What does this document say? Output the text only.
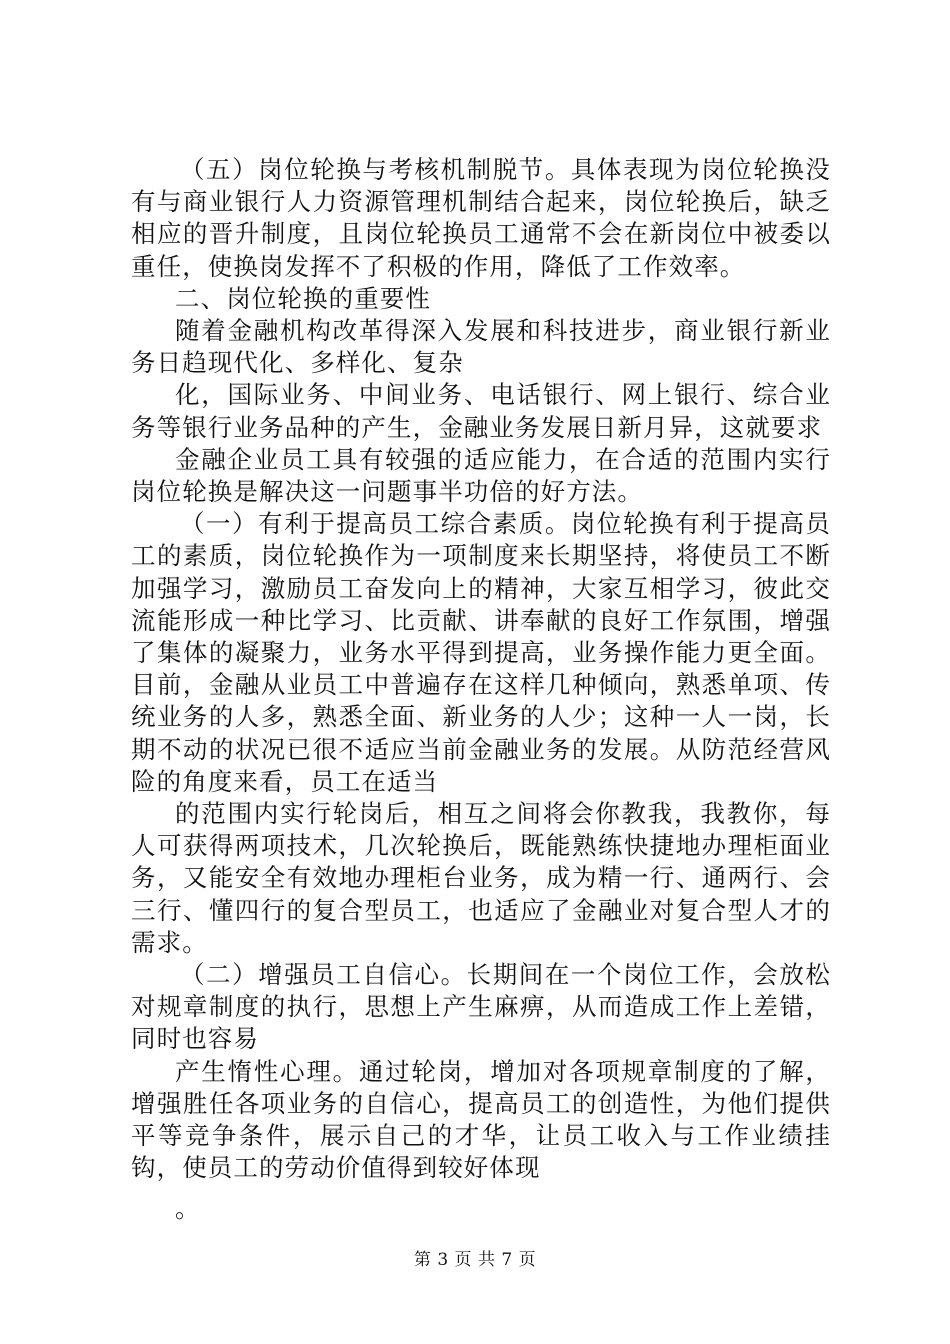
（五）岗位轮换与考核机制脱节。具体表现为岗位轮换没有与商业银行人力资源管理机制结合起来，岗位轮换后，缺乏相应的晋升制度，且岗位轮换员工通常不会在新岗位中被委以重任，使换岗发挥不了积极的作用，降低了工作效率。

二、岗位轮换的重要性

随着金融机构改革得深入发展和科技进步，商业银行新业务日趋现代化、多样化、复杂

化，国际业务、中间业务、电话银行、网上银行、综合业务等银行业务品种的产生，金融业务发展日新月异，这就要求

金融企业员工具有较强的适应能力，在合适的范围内实行岗位轮换是解决这一问题事半功倍的好方法。

（一）有利于提高员工综合素质。岗位轮换有利于提高员工的素质，岗位轮换作为一项制度来长期坚持，将使员工不断加强学习，激励员工奋发向上的精神，大家互相学习，彼此交流能形成一种比学习、比贡献、讲奉献的良好工作氛围，增强了集体的凝聚力，业务水平得到提高，业务操作能力更全面。目前，金融从业员工中普遍存在这样几种倾向，熟悉单项、传统业务的人多，熟悉全面、新业务的人少；这种一人一岗，长期不动的状况已很不适应当前金融业务的发展。从防范经营风险的角度来看，员工在适当

的范围内实行轮岗后，相互之间将会你教我，我教你，每人可获得两项技术，几次轮换后，既能熟练快捷地办理柜面业务，又能安全有效地办理柜台业务，成为精一行、通两行、会三行、懂四行的复合型员工，也适应了金融业对复合型人才的需求。

（二）增强员工自信心。长期间在一个岗位工作，会放松对规章制度的执行，思想上产生麻痹，从而造成工作上差错，同时也容易

产生惰性心理。通过轮岗，增加对各项规章制度的了解，增强胜任各项业务的自信心，提高员工的创造性，为他们提供平等竞争条件，展示自己的才华，让员工收入与工作业绩挂钩，使员工的劳动价值得到较好体现

。

第 3 页 共 7 页
